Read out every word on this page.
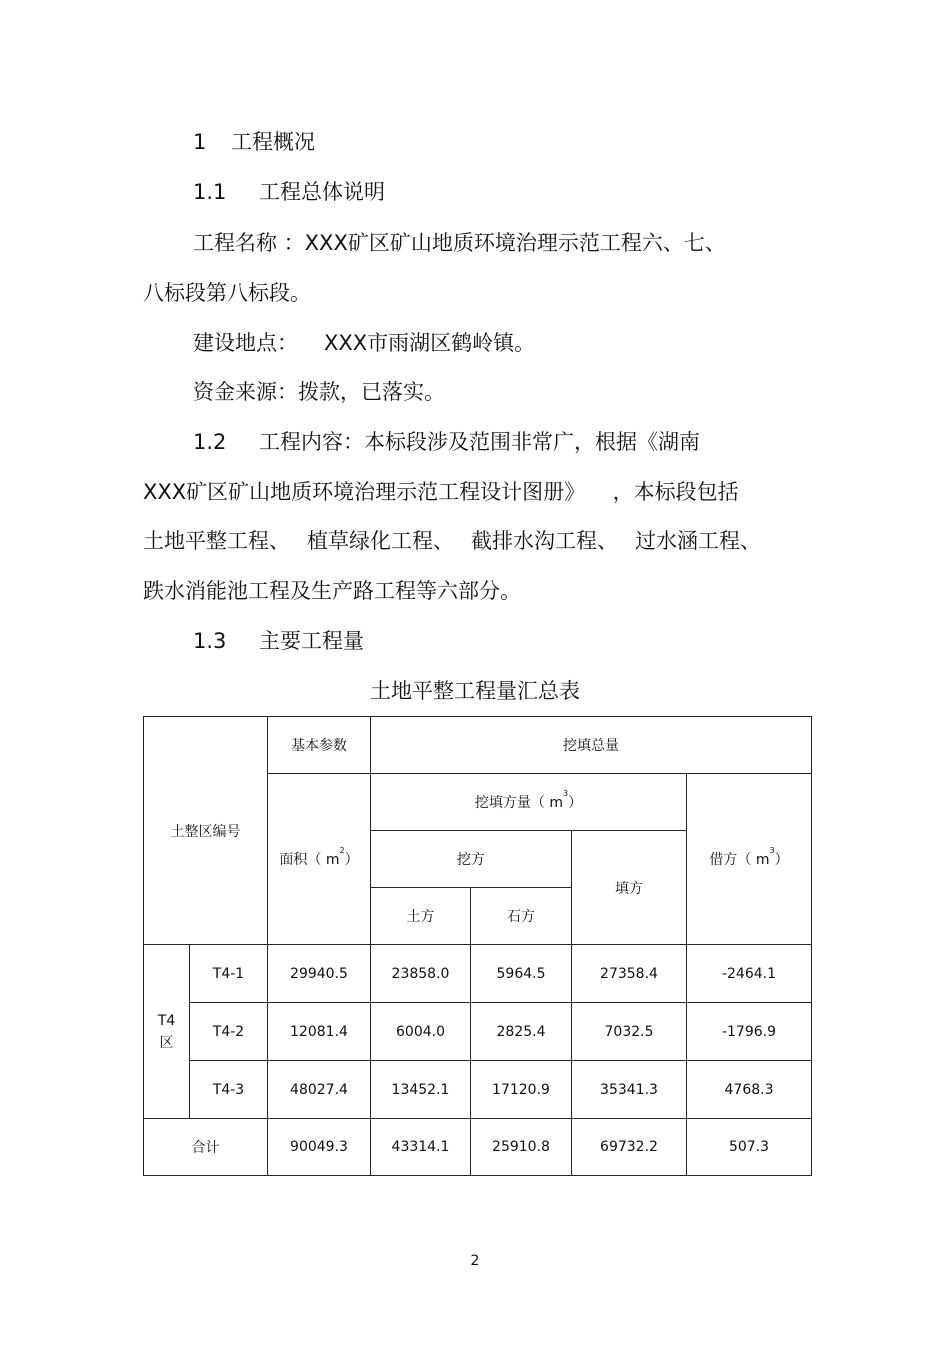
1 工程概况
1.1 工程总体说明
工程名称 ：XXX矿区矿山地质环境治理示范工程六、七、
八标段第八标段。
建设地点： XXX市雨湖区鹤岭镇。
资金来源：拨款，已落实。
1.2 工程内容：本标段涉及范围非常广，根据《湖南
XXX矿区矿山地质环境治理示范工程设计图册》 ，本标段包括
土地平整工程、 植草绿化工程、 截排水沟工程、 过水涵工程、
跌水消能池工程及生产路工程等六部分。
1.3 主要工程量
土地平整工程量汇总表
土整区编号		基本参数	挖填总量			
		面积（ $m^2$）	挖填方量（ $m^3$）			借方（ $m^3$）
			挖方		填方	
			土方	石方		
T4
区	T4-1	29940.5	23858.0	5964.5	27358.4	-2464.1
	T4-2	12081.4	6004.0	2825.4	7032.5	-1796.9
	T4-3	48027.4	13452.1	17120.9	35341.3	4768.3
合计		90049.3	43314.1	25910.8	69732.2	507.3
2
